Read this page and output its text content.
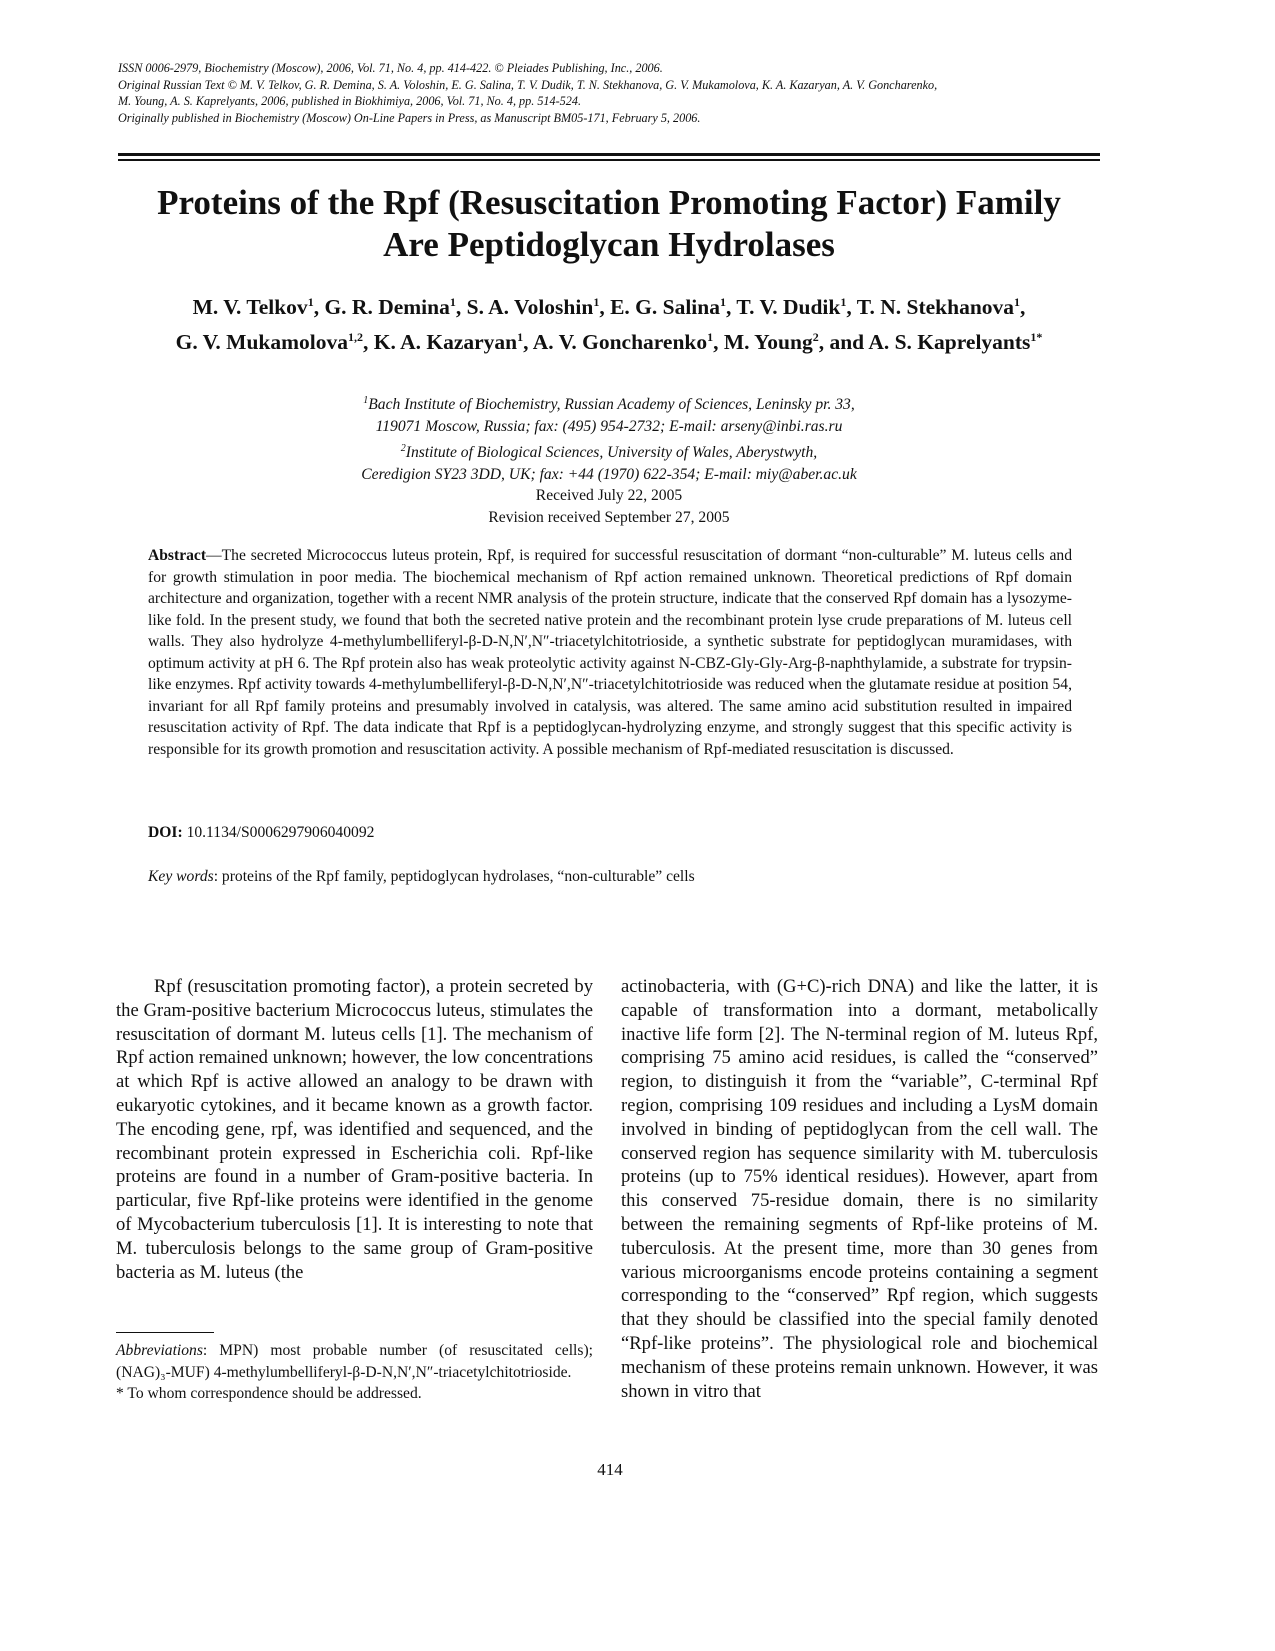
ISSN 0006-2979, Biochemistry (Moscow), 2006, Vol. 71, No. 4, pp. 414-422. © Pleiades Publishing, Inc., 2006.
Original Russian Text © M. V. Telkov, G. R. Demina, S. A. Voloshin, E. G. Salina, T. V. Dudik, T. N. Stekhanova, G. V. Mukamolova, K. A. Kazaryan, A. V. Goncharenko,
M. Young, A. S. Kaprelyants, 2006, published in Biokhimiya, 2006, Vol. 71, No. 4, pp. 514-524.
Originally published in Biochemistry (Moscow) On-Line Papers in Press, as Manuscript BM05-171, February 5, 2006.
Proteins of the Rpf (Resuscitation Promoting Factor) Family
Are Peptidoglycan Hydrolases
M. V. Telkov$^1$, G. R. Demina$^1$, S. A. Voloshin$^1$, E. G. Salina$^1$, T. V. Dudik$^1$, T. N. Stekhanova$^1$,
G. V. Mukamolova$^{1,2}$, K. A. Kazaryan$^1$, A. V. Goncharenko$^1$, M. Young$^2$, and A. S. Kaprelyants$^{1*}$
$^1$Bach Institute of Biochemistry, Russian Academy of Sciences, Leninsky pr. 33,
119071 Moscow, Russia; fax: (495) 954-2732; E-mail: arseny@inbi.ras.ru
$^2$Institute of Biological Sciences, University of Wales, Aberystwyth,
Ceredigion SY23 3DD, UK; fax: +44 (1970) 622-354; E-mail: miy@aber.ac.uk
Received July 22, 2005
Revision received September 27, 2005
Abstract—The secreted Micrococcus luteus protein, Rpf, is required for successful resuscitation of dormant “non-culturable” M. luteus cells and for growth stimulation in poor media. The biochemical mechanism of Rpf action remained unknown. Theoretical predictions of Rpf domain architecture and organization, together with a recent NMR analysis of the protein structure, indicate that the conserved Rpf domain has a lysozyme-like fold. In the present study, we found that both the secreted native protein and the recombinant protein lyse crude preparations of M. luteus cell walls. They also hydrolyze 4-methylumbelliferyl-β-D-N,N′,N″-triacetylchitotrioside, a synthetic substrate for peptidoglycan muramidases, with optimum activity at pH 6. The Rpf protein also has weak proteolytic activity against N-CBZ-Gly-Gly-Arg-β-naphthylamide, a substrate for trypsin-like enzymes. Rpf activity towards 4-methylumbelliferyl-β-D-N,N′,N″-triacetylchitotrioside was reduced when the glutamate residue at position 54, invariant for all Rpf family proteins and presumably involved in catalysis, was altered. The same amino acid substitution resulted in impaired resuscitation activity of Rpf. The data indicate that Rpf is a peptidoglycan-hydrolyzing enzyme, and strongly suggest that this specific activity is responsible for its growth promotion and resuscitation activity. A possible mechanism of Rpf-mediated resuscitation is discussed.
DOI: 10.1134/S0006297906040092
Key words: proteins of the Rpf family, peptidoglycan hydrolases, “non-culturable” cells
Rpf (resuscitation promoting factor), a protein secreted by the Gram-positive bacterium Micrococcus luteus, stimulates the resuscitation of dormant M. luteus cells [1]. The mechanism of Rpf action remained unknown; however, the low concentrations at which Rpf is active allowed an analogy to be drawn with eukaryotic cytokines, and it became known as a growth factor. The encoding gene, rpf, was identified and sequenced, and the recombinant protein expressed in Escherichia coli. Rpf-like proteins are found in a number of Gram-positive bacteria. In particular, five Rpf-like proteins were identified in the genome of Mycobacterium tuberculosis [1]. It is interesting to note that M. tuberculosis belongs to the same group of Gram-positive bacteria as M. luteus (the
actinobacteria, with (G+C)-rich DNA) and like the latter, it is capable of transformation into a dormant, metabolically inactive life form [2]. The N-terminal region of M. luteus Rpf, comprising 75 amino acid residues, is called the “conserved” region, to distinguish it from the “variable”, C-terminal Rpf region, comprising 109 residues and including a LysM domain involved in binding of peptidoglycan from the cell wall. The conserved region has sequence similarity with M. tuberculosis proteins (up to 75% identical residues). However, apart from this conserved 75-residue domain, there is no similarity between the remaining segments of Rpf-like proteins of M. tuberculosis. At the present time, more than 30 genes from various microorganisms encode proteins containing a segment corresponding to the “conserved” Rpf region, which suggests that they should be classified into the special family denoted “Rpf-like proteins”. The physiological role and biochemical mechanism of these proteins remain unknown. However, it was shown in vitro that
Abbreviations: MPN) most probable number (of resuscitated cells); (NAG)₃-MUF) 4-methylumbelliferyl-β-D-N,N′,N″-triacetylchitotrioside.
* To whom correspondence should be addressed.
414
